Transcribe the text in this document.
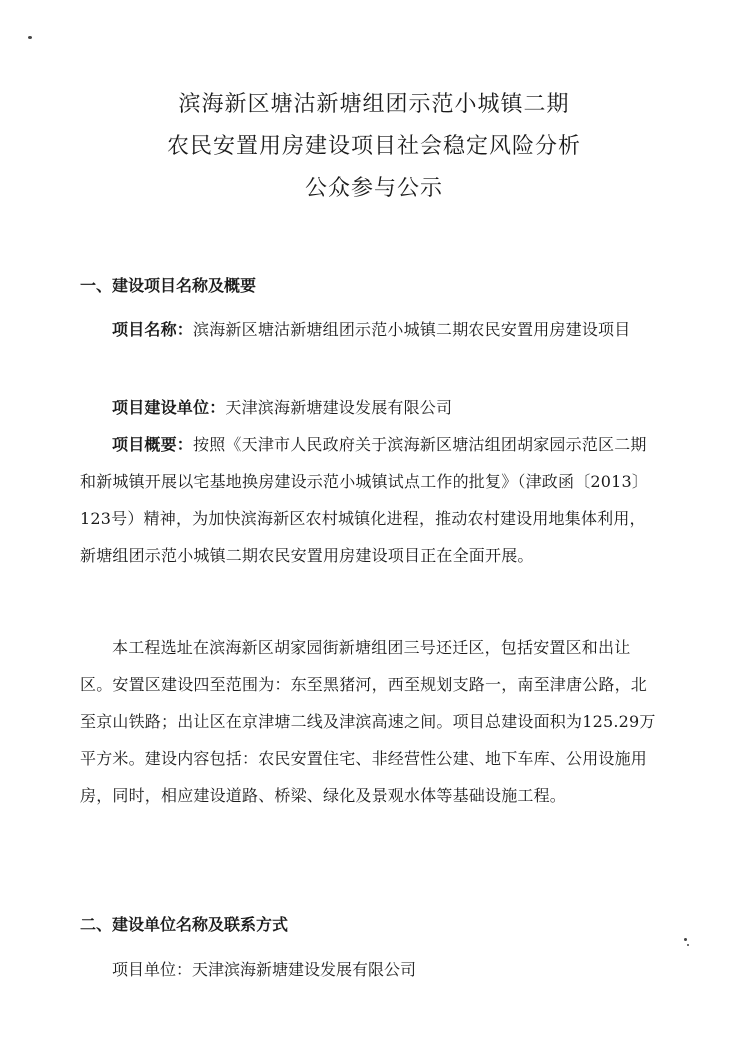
滨海新区塘沽新塘组团示范小城镇二期
农民安置用房建设项目社会稳定风险分析
公众参与公示
一、建设项目名称及概要
项目名称：滨海新区塘沽新塘组团示范小城镇二期农民安置用房建设项目
项目建设单位：天津滨海新塘建设发展有限公司
项目概要：按照《天津市人民政府关于滨海新区塘沽组团胡家园示范区二期和新城镇开展以宅基地换房建设示范小城镇试点工作的批复》（津政函〔2013〕123号）精神，为加快滨海新区农村城镇化进程，推动农村建设用地集体利用，新塘组团示范小城镇二期农民安置用房建设项目正在全面开展。
本工程选址在滨海新区胡家园街新塘组团三号还迁区，包括安置区和出让区。安置区建设四至范围为：东至黑猪河，西至规划支路一，南至津唐公路，北至京山铁路；出让区在京津塘二线及津滨高速之间。项目总建设面积为125.29万平方米。建设内容包括：农民安置住宅、非经营性公建、地下车库、公用设施用房，同时，相应建设道路、桥梁、绿化及景观水体等基础设施工程。
二、建设单位名称及联系方式
项目单位：天津滨海新塘建设发展有限公司
